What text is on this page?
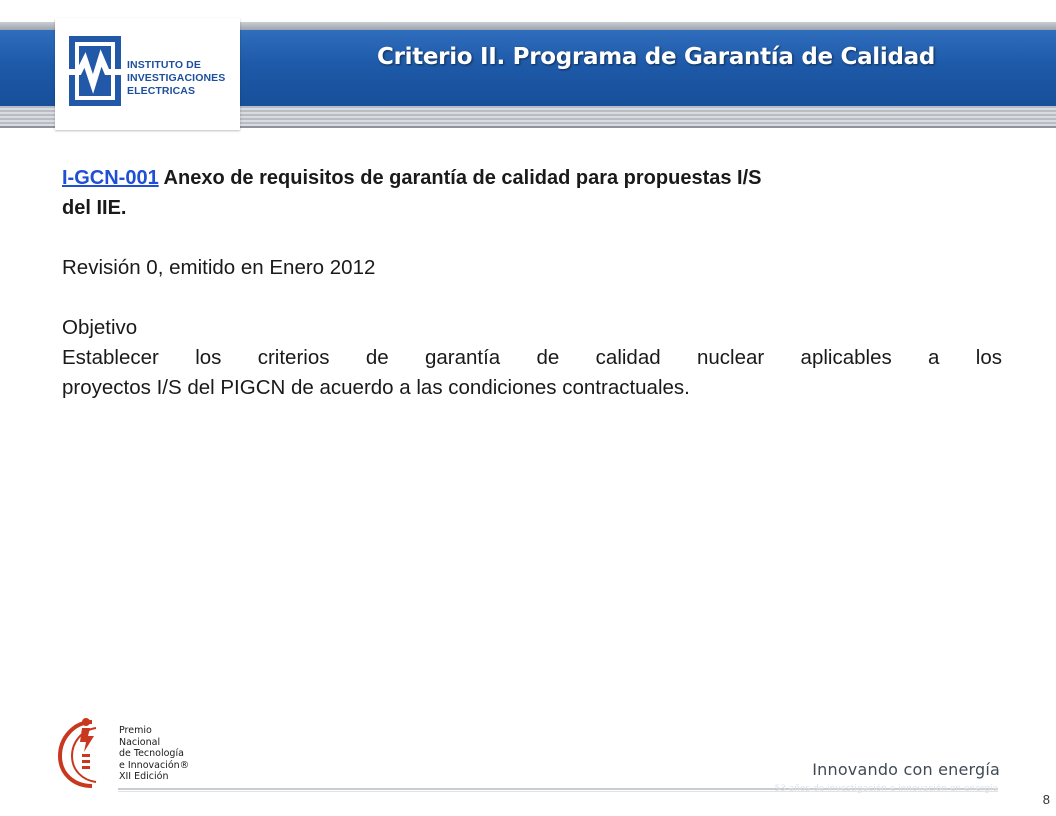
INSTITUTO DE
INVESTIGACIONES
ELECTRICAS
Criterio II. Programa de Garantía de Calidad
I-GCN-001 Anexo de requisitos de garantía de calidad para propuestas I/S
del IIE.
Revisión 0, emitido en Enero 2012
Objetivo
Establecer los criterios de garantía de calidad nuclear aplicables a los
proyectos I/S del PIGCN de acuerdo a las condiciones contractuales.
Premio
Nacional
de Tecnología
e Innovación®
XII Edición	Innovando con energía
53 años de investigación e innovación en energía
8
